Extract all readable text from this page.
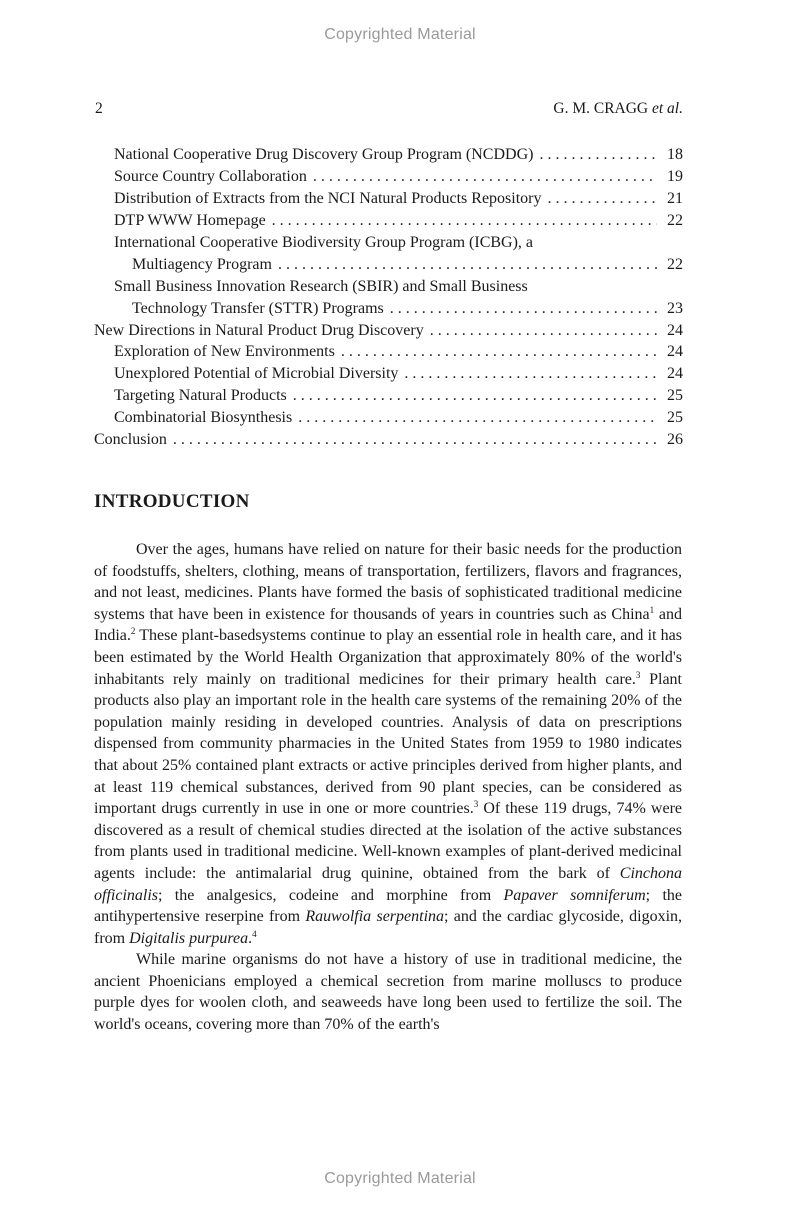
Copyrighted Material
2	G. M. CRAGG et al.
National Cooperative Drug Discovery Group Program (NCDDG) . . .	18
Source Country Collaboration . . .	19
Distribution of Extracts from the NCI Natural Products Repository . . .	21
DTP WWW Homepage . . .	22
International Cooperative Biodiversity Group Program (ICBG), a
Multiagency Program . . .	22
Small Business Innovation Research (SBIR) and Small Business
Technology Transfer (STTR) Programs . . .	23
New Directions in Natural Product Drug Discovery . . .	24
Exploration of New Environments . . .	24
Unexplored Potential of Microbial Diversity . . .	24
Targeting Natural Products . . .	25
Combinatorial Biosynthesis . . .	25
Conclusion . . .	26
INTRODUCTION

Over the ages, humans have relied on nature for their basic needs for the production of foodstuffs, shelters, clothing, means of transportation, fertilizers, flavors and fragrances, and not least, medicines. Plants have formed the basis of sophisticated traditional medicine systems that have been in existence for thousands of years in countries such as China$^1$ and India.$^2$ These plant-basedsystems continue to play an essential role in health care, and it has been estimated by the World Health Organization that approximately 80% of the world's inhabitants rely mainly on traditional medicines for their primary health care.$^3$ Plant products also play an important role in the health care systems of the remaining 20% of the population mainly residing in developed countries. Analysis of data on prescriptions dispensed from community pharmacies in the United States from 1959 to 1980 indicates that about 25% contained plant extracts or active principles derived from higher plants, and at least 119 chemical substances, derived from 90 plant species, can be considered as important drugs currently in use in one or more countries.$^3$ Of these 119 drugs, 74% were discovered as a result of chemical studies directed at the isolation of the active substances from plants used in traditional medicine. Well-known examples of plant-derived medicinal agents include: the antimalarial drug quinine, obtained from the bark of Cinchona officinalis; the analgesics, codeine and morphine from Papaver somniferum; the antihypertensive reserpine from Rauwolfia serpentina; and the cardiac glycoside, digoxin, from Digitalis purpurea.$^4$

While marine organisms do not have a history of use in traditional medicine, the ancient Phoenicians employed a chemical secretion from marine molluscs to produce purple dyes for woolen cloth, and seaweeds have long been used to fertilize the soil. The world's oceans, covering more than 70% of the earth's

Copyrighted Material
